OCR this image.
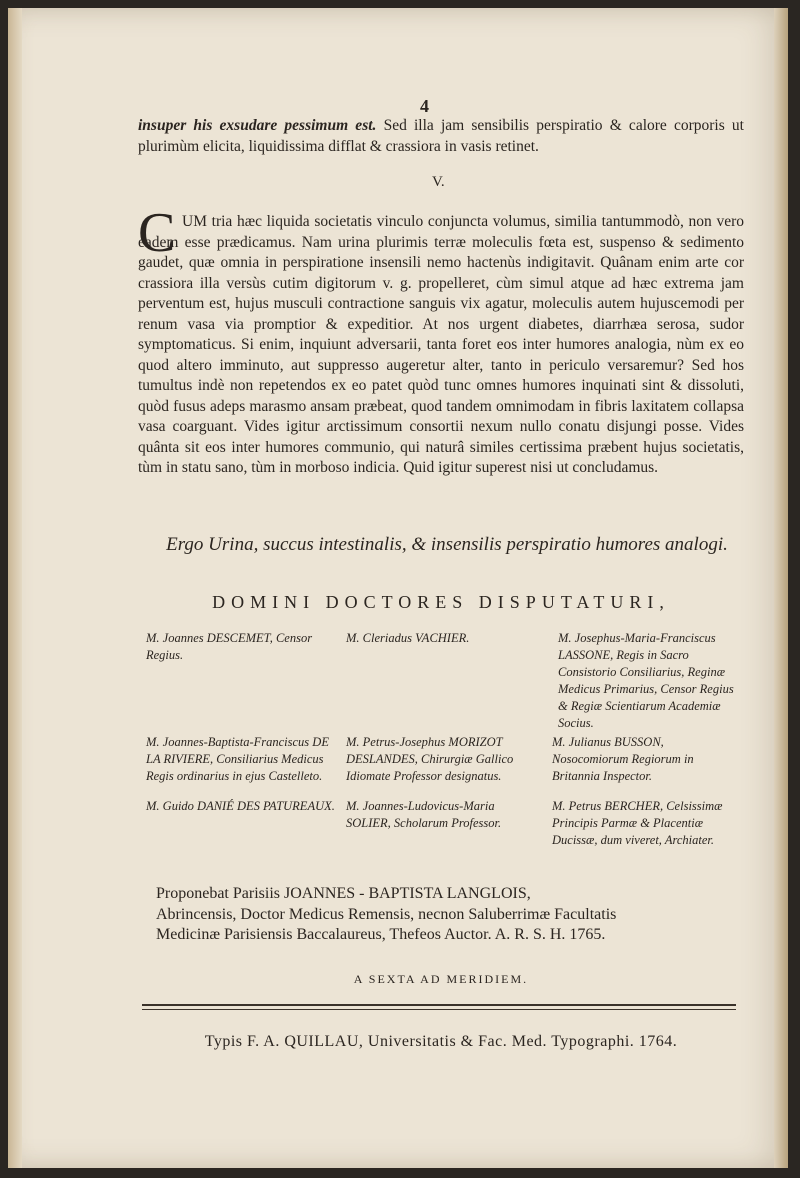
4

insuper his exsudare pessimum est. Sed illa jam sensibilis perspiratio & calore corporis ut plurimùm elicita, liquidissima difflat & crassiora in vasis retinet.

V.
C UM tria hæc liquida societatis vinculo conjuncta volumus, similia tantummodò, non vero eadem esse prædicamus. Nam urina plurimis terræ moleculis fœta est, suspenso & sedimento gaudet, quæ omnia in perspiratione insensili nemo hactenùs indigitavit. Quânam enim arte cor crassiora illa versùs cutim digitorum v. g. propelleret, cùm simul atque ad hæc extrema jam perventum est, hujus musculi contractione sanguis vix agatur, moleculis autem hujuscemodi per renum vasa via promptior & expeditior. At nos urgent diabetes, diarrhæa serosa, sudor symptomaticus. Si enim, inquiunt adversarii, tanta foret eos inter humores analogia, nùm ex eo quod altero imminuto, aut suppresso augeretur alter, tanto in periculo versaremur? Sed hos tumultus indè non repetendos ex eo patet quòd tunc omnes humores inquinati sint & dissoluti, quòd fusus adeps marasmo ansam præbeat, quod tandem omnimodam in fibris laxitatem collapsa vasa coarguant. Vides igitur arctissimum consortii nexum nullo conatu disjungi posse. Vides quânta sit eos inter humores communio, qui naturâ similes certissima præbent hujus societatis, tùm in statu sano, tùm in morboso indicia. Quid igitur superest nisi ut concludamus.

Ergo Urina, succus intestinalis, & insensilis perspiratio humores analogi.
DOMINI DOCTORES DISPUTATURI,
M. Joannes DESCEMET, Censor Regius.
M. Cleriadus VACHIER.	M. Josephus-Maria-Franciscus LASSONE, Regis in Sacro Consistorio Consiliarius, Reginæ Medicus Primarius, Censor Regius & Regiæ Scientiarum Academiæ Socius.
M. Joannes-Baptista-Franciscus DE LA RIVIERE, Consiliarius Medicus Regis ordinarius in ejus Castelleto.
M. Petrus-Josephus MORIZOT DESLANDES, Chirurgiæ Gallico Idiomate Professor designatus.
M. Julianus BUSSON, Nosocomiorum Regiorum in Britannia Inspector.
M. Guido DANIÉ DES PATUREAUX. M. Joannes-Ludovicus-Maria SOLIER, Scholarum Professor.
M. Petrus BERCHER, Celsissimæ Principis Parmæ & Placentiæ Ducissæ, dum viveret, Archiater.
Proponebat Parisiis JOANNES - BAPTISTA LANGLOIS,
Abrincensis, Doctor Medicus Remensis, necnon Saluberrimæ Facultatis
Medicinæ Parisiensis Baccalaureus, Thefeos Auctor. A. R. S. H. 1765.
A SEXTA AD MERIDIEM.
Typis F. A. QUILLAU, Universitatis & Fac. Med. Typographi. 1764.
